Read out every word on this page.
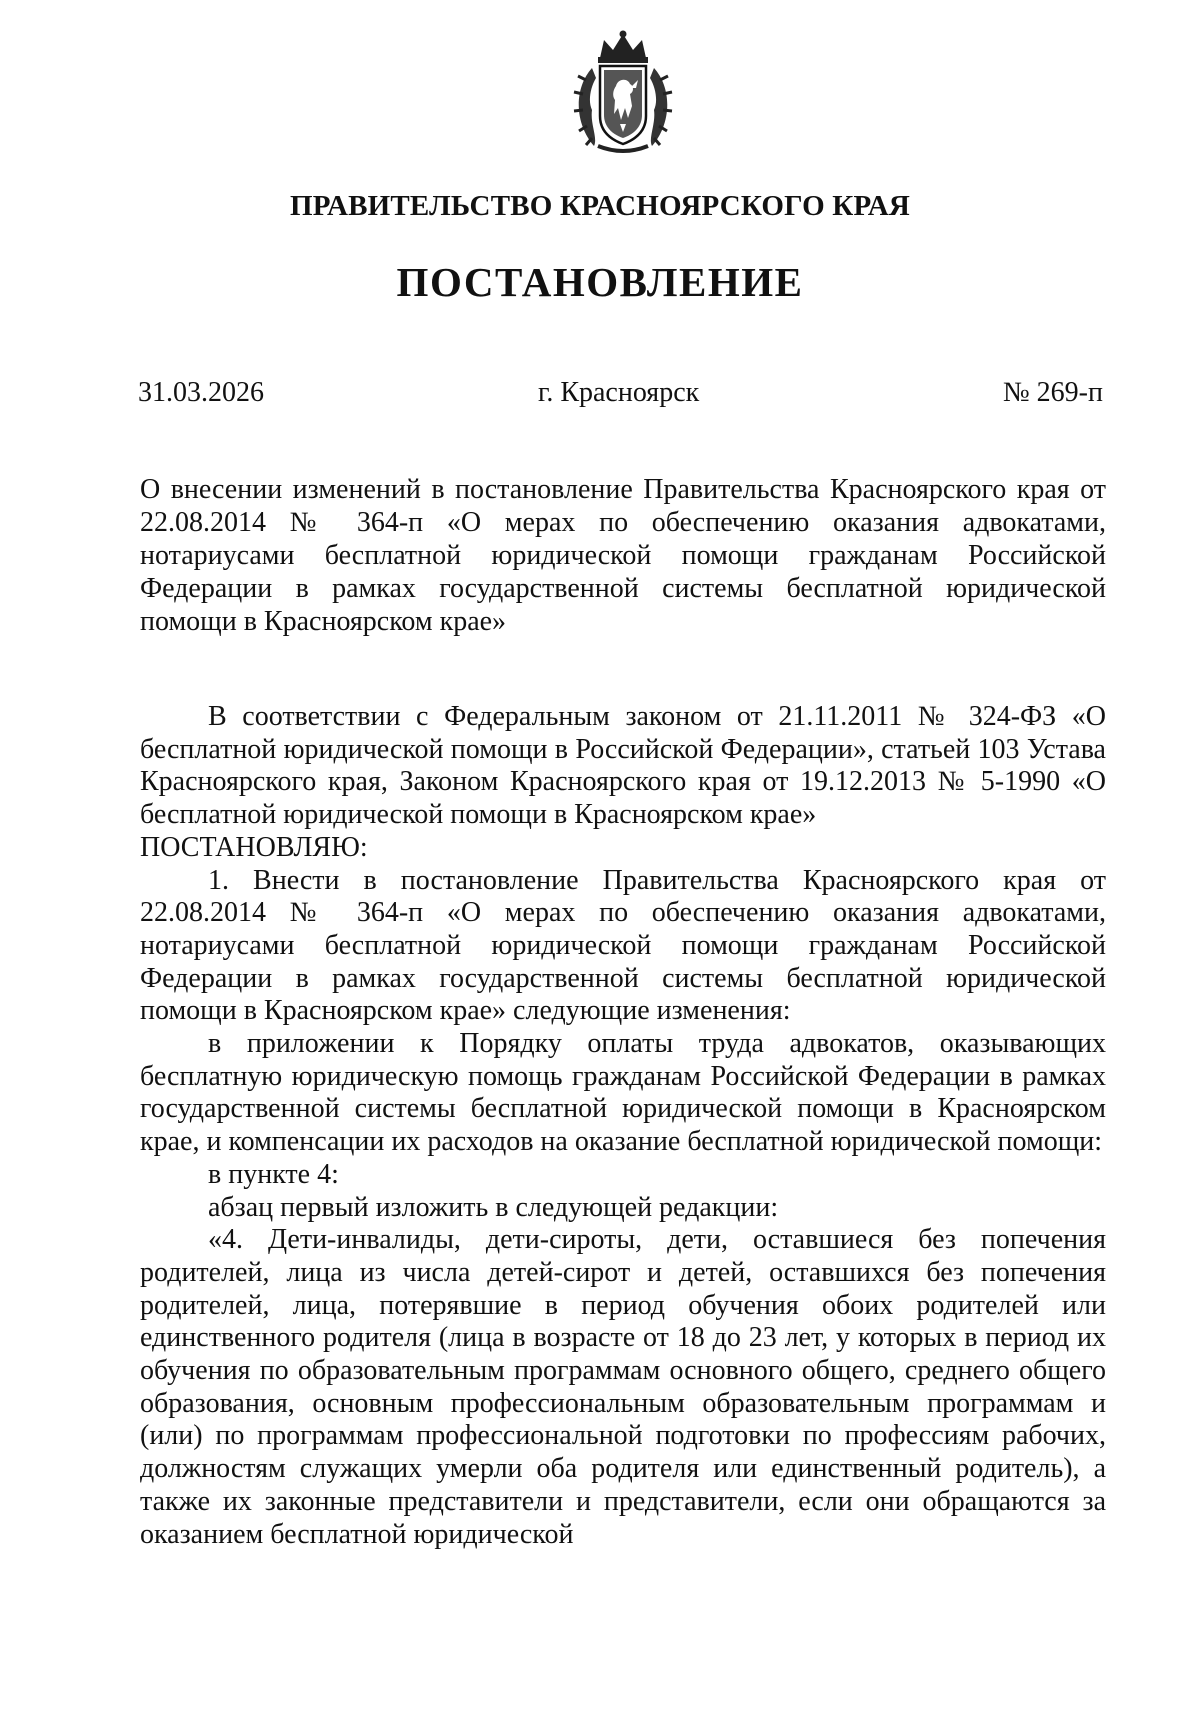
ПРАВИТЕЛЬСТВО КРАСНОЯРСКОГО КРАЯ
ПОСТАНОВЛЕНИЕ
31.03.2026	г. Красноярск	№ 269-п
О внесении изменений в постановление Правительства Красноярского края от 22.08.2014 № 364-п «О мерах по обеспечению оказания адвокатами, нотариусами бесплатной юридической помощи гражданам Российской Федерации в рамках государственной системы бесплатной юридической помощи в Красноярском крае»

В соответствии с Федеральным законом от 21.11.2011 № 324-ФЗ «О бесплатной юридической помощи в Российской Федерации», статьей 103 Устава Красноярского края, Законом Красноярского края от 19.12.2013 № 5-1990 «О бесплатной юридической помощи в Красноярском крае»

ПОСТАНОВЛЯЮ:

1. Внести в постановление Правительства Красноярского края от 22.08.2014 № 364-п «О мерах по обеспечению оказания адвокатами, нотариусами бесплатной юридической помощи гражданам Российской Федерации в рамках государственной системы бесплатной юридической помощи в Красноярском крае» следующие изменения:

в приложении к Порядку оплаты труда адвокатов, оказывающих бесплатную юридическую помощь гражданам Российской Федерации в рамках государственной системы бесплатной юридической помощи в Красноярском крае, и компенсации их расходов на оказание бесплатной юридической помощи:

в пункте 4:

абзац первый изложить в следующей редакции:

«4. Дети-инвалиды, дети-сироты, дети, оставшиеся без попечения родителей, лица из числа детей-сирот и детей, оставшихся без попечения родителей, лица, потерявшие в период обучения обоих родителей или единственного родителя (лица в возрасте от 18 до 23 лет, у которых в период их обучения по образовательным программам основного общего, среднего общего образования, основным профессиональным образовательным программам и (или) по программам профессиональной подготовки по профессиям рабочих, должностям служащих умерли оба родителя или единственный родитель), а также их законные представители и представители, если они обращаются за оказанием бесплатной юридической
